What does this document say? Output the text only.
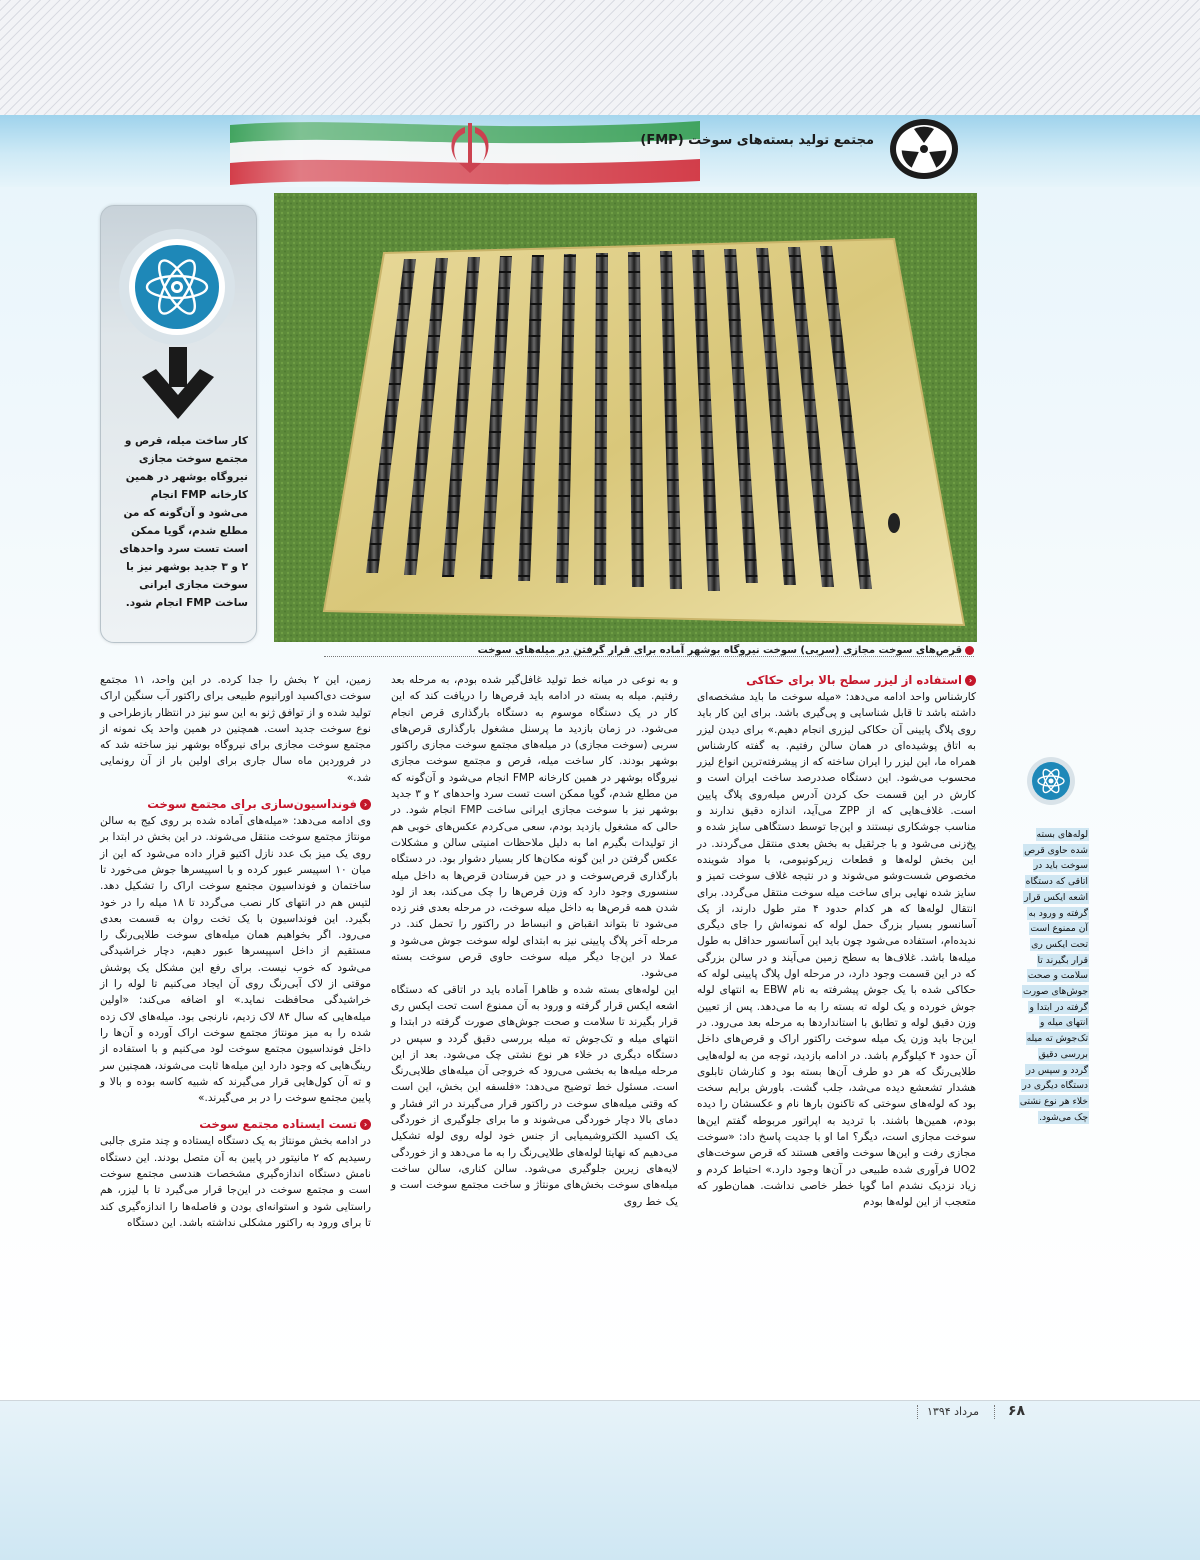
مجتمع تولید بسته‌های سوخت (FMP)
کار ساخت میله، قرص و مجتمع سوخت مجازی نیروگاه بوشهر در همین کارخانه FMP انجام می‌شود و آن‌گونه که من مطلع شدم، گویا ممکن است تست سرد واحدهای ۲ و ۳ جدید بوشهر نیز با سوخت مجازی ایرانی ساخت FMP انجام شود.
قرص‌های سوخت مجازی (سربی) سوخت نیروگاه بوشهر آماده برای قرار گرفتن در میله‌های سوخت
لوله‌های بسته شده حاوی قرص سوخت باید در اتاقی که دستگاه اشعه ایکس قرار گرفته و ورود به آن ممنوع است تحت ایکس ری قرار بگیرند تا سلامت و صحت جوش‌های صورت گرفته در ابتدا و انتهای میله و تک‌جوش ته میله بررسی دقیق گردد و سپس در دستگاه دیگری در خلاء هر نوع نشتی چک می‌شود.
‹استفاده از لیزر سطح بالا برای حکاکی

کارشناس واحد ادامه می‌دهد: «میله سوخت ما باید مشخصه‌ای داشته باشد تا قابل شناسایی و پی‌گیری باشد. برای این کار باید روی پلاگ پایینی آن حکاکی لیزری انجام دهیم.» برای دیدن لیزر به اتاق پوشیده‌ای در همان سالن رفتیم. به گفته کارشناس همراه ما، این لیزر را ایران ساخته که از پیشرفته‌ترین انواع لیزر محسوب می‌شود. این دستگاه صددرصد ساخت ایران است و کارش در این قسمت حک کردن آدرس میله‌روی پلاگ پایین است. غلاف‌هایی که از ZPP می‌آید، اندازه دقیق ندارند و مناسب جوشکاری نیستند و این‌جا توسط دستگاهی سایز شده و پخ‌زنی می‌شود و با جرثقیل به بخش بعدی منتقل می‌گردند. در این بخش لوله‌ها و قطعات زیرکونیومی، با مواد شوینده مخصوص شست‌وشو می‌شوند و در نتیجه غلاف سوخت تمیز و سایز شده نهایی برای ساخت میله سوخت منتقل می‌گردد. برای انتقال لوله‌ها که هر کدام حدود ۴ متر طول دارند، از یک آسانسور بسیار بزرگ حمل لوله که نمونه‌اش را جای دیگری ندیده‌ام، استفاده می‌شود چون باید این آسانسور حداقل به طول میله‌ها باشد. غلاف‌ها به سطح زمین می‌آیند و در سالن بزرگی که در این قسمت وجود دارد، در مرحله اول پلاگ پایینی لوله که حکاکی شده با یک جوش پیشرفته به نام EBW به انتهای لوله جوش خورده و یک لوله ته بسته را به ما می‌دهد. پس از تعیین وزن دقیق لوله و تطابق با استانداردها به مرحله بعد می‌رود. در این‌جا باید وزن یک میله سوخت راکتور اراک و قرص‌های داخل آن حدود ۴ کیلوگرم باشد. در ادامه بازدید، توجه من به لوله‌هایی طلایی‌رنگ که هر دو طرف آن‌ها بسته بود و کنارشان تابلوی هشدار تشعشع دیده می‌شد، جلب گشت. باورش برایم سخت بود که لوله‌های سوختی که تاکنون بارها نام و عکسشان را دیده بودم، همین‌ها باشند. با تردید به اپراتور مربوطه گفتم این‌ها سوخت مجازی است، دیگر؟ اما او با جدیت پاسخ داد: «سوخت مجازی رفت و این‌ها سوخت واقعی هستند که قرص سوخت‌های UO2 فرآوری شده طبیعی در آن‌ها وجود دارد.» احتیاط کردم و زیاد نزدیک نشدم اما گویا خطر خاصی نداشت. همان‌طور که متعجب از این لوله‌ها بودم

و به نوعی در میانه خط تولید غافل‌گیر شده بودم، به مرحله بعد رفتیم. میله به بسته در ادامه باید قرص‌ها را دریافت کند که این کار در یک دستگاه موسوم به دستگاه بارگذاری قرص انجام می‌شود. در زمان بازدید ما پرسنل مشغول بارگذاری قرص‌های سربی (سوخت مجازی) در میله‌های مجتمع سوخت مجازی راکتور بوشهر بودند. کار ساخت میله، قرص و مجتمع سوخت مجازی نیروگاه بوشهر در همین کارخانه FMP انجام می‌شود و آن‌گونه که من مطلع شدم، گویا ممکن است تست سرد واحدهای ۲ و ۳ جدید بوشهر نیز با سوخت مجازی ایرانی ساخت FMP انجام شود. در حالی که مشغول بازدید بودم، سعی می‌کردم عکس‌های خوبی هم از تولیدات بگیرم اما به دلیل ملاحظات امنیتی سالن و مشکلات عکس گرفتن در این گونه مکان‌ها کار بسیار دشوار بود. در دستگاه بارگذاری قرص‌سوخت و در حین فرستادن قرص‌ها به داخل میله سنسوری وجود دارد که وزن قرص‌ها را چک می‌کند، بعد از لود شدن همه قرص‌ها به داخل میله سوخت، در مرحله بعدی فنر زده می‌شود تا بتواند انقباض و انبساط در راکتور را تحمل کند. در مرحله آخر پلاگ پایینی نیز به ابتدای لوله سوخت جوش می‌شود و عملا در این‌جا دیگر میله سوخت حاوی قرص سوخت بسته می‌شود.

این لوله‌های بسته شده و ظاهرا آماده باید در اتاقی که دستگاه اشعه ایکس قرار گرفته و ورود به آن ممنوع است تحت ایکس ری قرار بگیرند تا سلامت و صحت جوش‌های صورت گرفته در ابتدا و انتهای میله و تک‌جوش ته میله بررسی دقیق گردد و سپس در دستگاه دیگری در خلاء هر نوع نشتی چک می‌شود. بعد از این مرحله میله‌ها به بخشی می‌رود که خروجی آن میله‌های طلایی‌رنگ است. مسئول خط توضیح می‌دهد: «فلسفه این بخش، این است که وقتی میله‌های سوخت در راکتور قرار می‌گیرند در اثر فشار و دمای بالا دچار خوردگی می‌شوند و ما برای جلوگیری از خوردگی یک اکسید الکتروشیمیایی از جنس خود لوله روی لوله تشکیل می‌دهیم که نهایتا لوله‌های طلایی‌رنگ را به ما می‌دهد و از خوردگی لایه‌های زیرین جلوگیری می‌شود. سالن کناری، سالن ساخت میله‌های سوخت بخش‌های مونتاژ و ساخت مجتمع سوخت است و یک خط روی

زمین، این ۲ بخش را جدا کرده. در این واحد، ۱۱ مجتمع سوخت دی‌اکسید اورانیوم طبیعی برای راکتور آب سنگین اراک تولید شده و از توافق ژنو به این سو نیز در انتظار بازطراحی و نوع سوخت جدید است. همچنین در همین واحد یک نمونه از مجتمع سوخت مجازی برای نیروگاه بوشهر نیز ساخته شد که در فروردین ماه سال جاری برای اولین بار از آن رونمایی شد.»

‹فونداسیون‌سازی برای مجتمع سوخت

وی ادامه می‌دهد: «میله‌های آماده شده بر روی کیج به سالن مونتاژ مجتمع سوخت منتقل می‌شوند. در این بخش در ابتدا بر روی یک میز بک عدد نازل اکتیو قرار داده می‌شود که این از میان ۱۰ اسپیسر عبور کرده و با اسپیسرها جوش می‌خورد تا ساختمان و فونداسیون مجتمع سوخت اراک را تشکیل دهد. لتیس هم در انتهای کار نصب می‌گردد تا ۱۸ میله را در خود بگیرد. این فونداسیون با یک تخت روان به قسمت بعدی می‌رود. اگر بخواهیم همان میله‌های سوخت طلایی‌رنگ را مستقیم از داخل اسپیسرها عبور دهیم، دچار خراشیدگی می‌شود که خوب نیست. برای رفع این مشکل یک پوشش موقتی از لاک آبی‌رنگ روی آن ایجاد می‌کنیم تا لوله را از خراشیدگی محافظت نماید.» او اضافه می‌کند: «اولین میله‌هایی که سال ۸۴ لاک زدیم، نارنجی بود. میله‌های لاک زده شده را به میز مونتاژ مجتمع سوخت اراک آورده و آن‌ها را داخل فونداسیون مجتمع سوخت لود می‌کنیم و با استفاده از رینگ‌هایی که وجود دارد این میله‌ها ثابت می‌شوند، همچنین سر و ته آن کول‌هایی قرار می‌گیرند که شبیه کاسه بوده و بالا و پایین مجتمع سوخت را در بر می‌گیرند.»

‹تست ایستاده مجتمع سوخت

در ادامه بخش مونتاژ به یک دستگاه ایستاده و چند متری جالبی رسیدیم که ۲ مانیتور در پایین به آن متصل بودند. این دستگاه نامش دستگاه اندازه‌گیری مشخصات هندسی مجتمع سوخت است و مجتمع سوخت در این‌جا قرار می‌گیرد تا با لیزر، هم راستایی شود و استوانه‌ای بودن و فاصله‌ها را اندازه‌گیری کند تا برای ورود به راکتور مشکلی نداشته باشد. این دستگاه

مرداد ۱۳۹۴	۶۸
